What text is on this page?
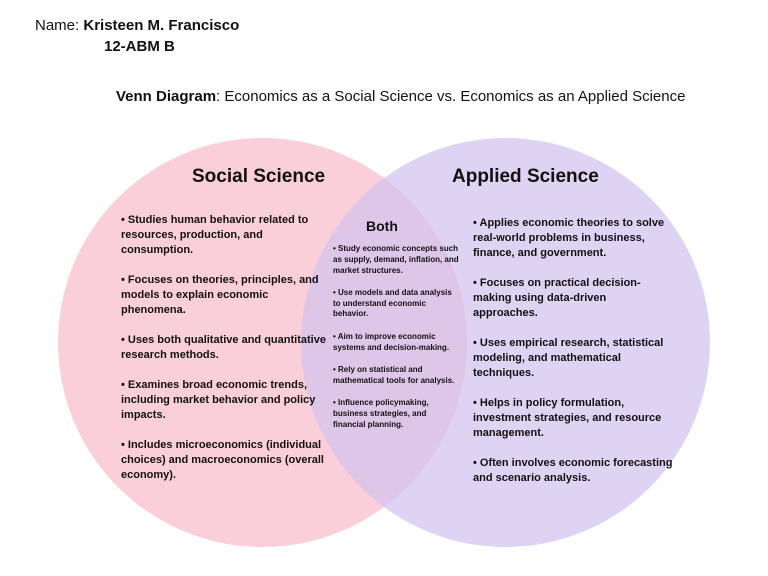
Name: Kristeen M. Francisco
12-ABM B
Venn Diagram: Economics as a Social Science vs. Economics as an Applied Science
Social Science	Applied Science
Both
• Studies human behavior related to resources, production, and consumption.
• Focuses on theories, principles, and models to explain economic phenomena.
• Uses both qualitative and quantitative research methods.
• Examines broad economic trends, including market behavior and policy impacts.
• Includes microeconomics (individual choices) and macroeconomics (overall economy).
• Study economic concepts such as supply, demand, inflation, and market structures.
• Use models and data analysis to understand economic behavior.
• Aim to improve economic systems and decision-making.
• Rely on statistical and mathematical tools for analysis.
• Influence policymaking, business strategies, and financial planning.
• Applies economic theories to solve real-world problems in business, finance, and government.
• Focuses on practical decision-making using data-driven approaches.
• Uses empirical research, statistical modeling, and mathematical techniques.
• Helps in policy formulation, investment strategies, and resource management.
• Often involves economic forecasting and scenario analysis.
